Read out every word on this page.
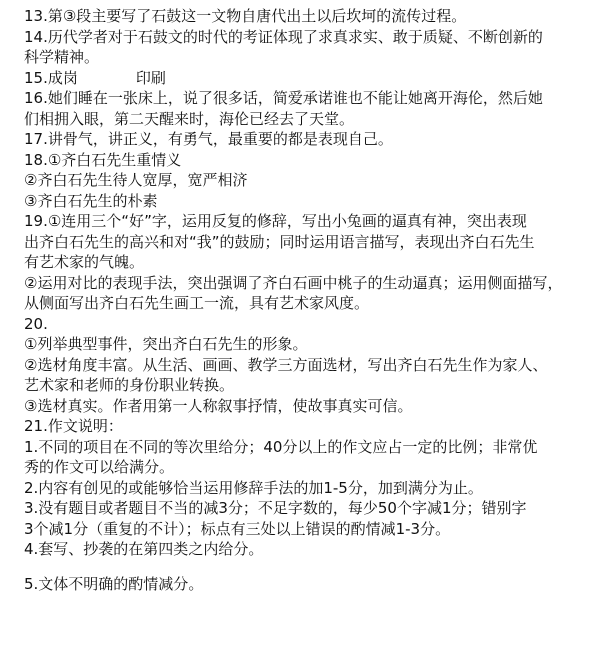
13.第③段主要写了石鼓这一文物自唐代出土以后坎坷的流传过程。
14.历代学者对于石鼓文的时代的考证体现了求真求实、敢于质疑、不断创新的
科学精神。
15.成岗	印刷
16.她们睡在一张床上，说了很多话，简爱承诺谁也不能让她离开海伦，然后她
们相拥入眼，第二天醒来时，海伦已经去了天堂。
17.讲骨气，讲正义，有勇气，最重要的都是表现自己。
18.①齐白石先生重情义
②齐白石先生待人宽厚，宽严相济
③齐白石先生的朴素
19.①连用三个“好”字，运用反复的修辞，写出小兔画的逼真有神，突出表现
出齐白石先生的高兴和对“我”的鼓励；同时运用语言描写，表现出齐白石先生
有艺术家的气魄。
②运用对比的表现手法，突出强调了齐白石画中桃子的生动逼真；运用侧面描写，
从侧面写出齐白石先生画工一流，具有艺术家风度。
20.
①列举典型事件，突出齐白石先生的形象。
②选材角度丰富。从生活、画画、教学三方面选材，写出齐白石先生作为家人、
艺术家和老师的身份职业转换。
③选材真实。作者用第一人称叙事抒情，使故事真实可信。
21.作文说明：
1.不同的项目在不同的等次里给分；40分以上的作文应占一定的比例；非常优
秀的作文可以给满分。
2.内容有创见的或能够恰当运用修辞手法的加1-5分，加到满分为止。
3.没有题目或者题目不当的减3分；不足字数的，每少50个字减1分；错别字
3个减1分（重复的不计）；标点有三处以上错误的酌情减1-3分。
4.套写、抄袭的在第四类之内给分。
5.文体不明确的酌情减分。
